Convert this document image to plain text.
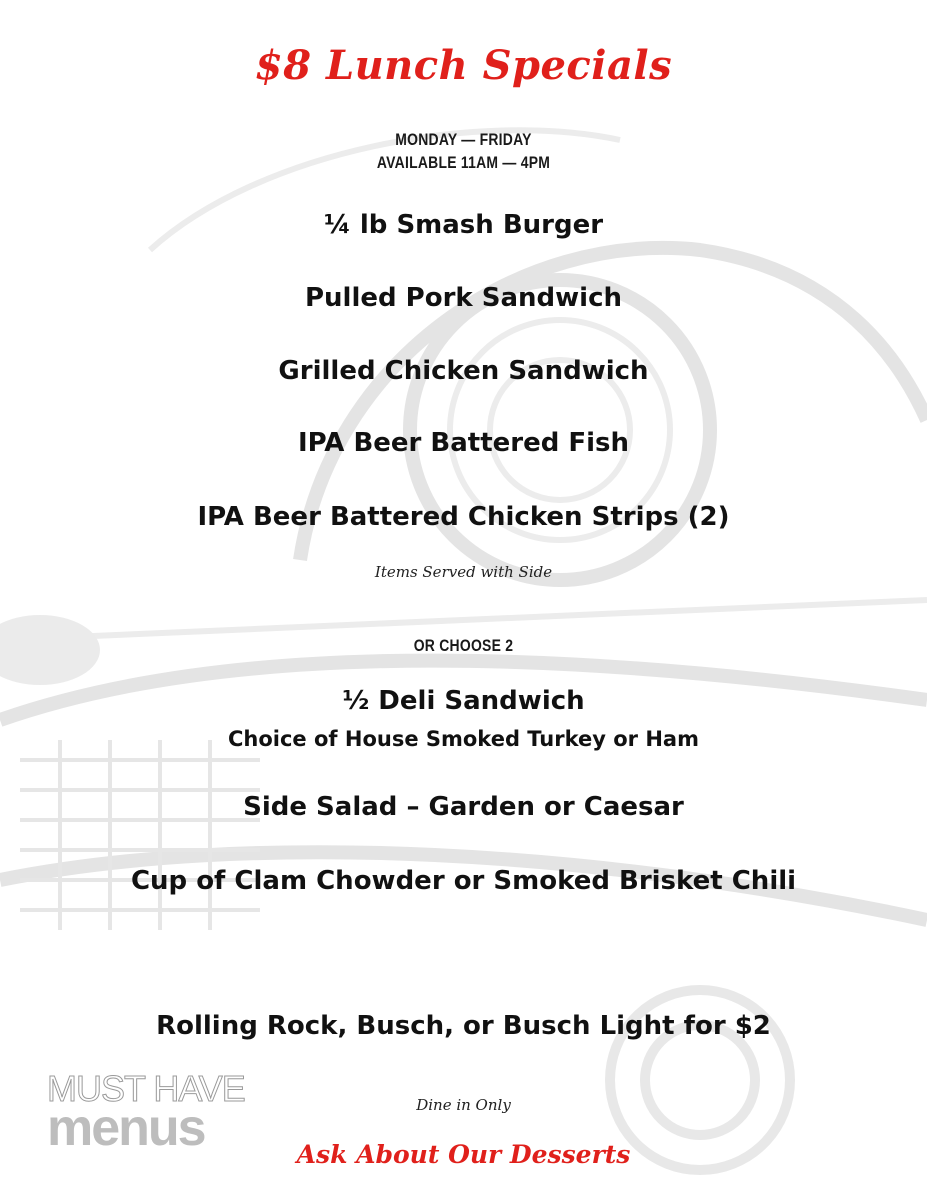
$8 Lunch Specials

MONDAY — FRIDAY

AVAILABLE 11AM — 4PM

¼ lb Smash Burger

Pulled Pork Sandwich

Grilled Chicken Sandwich

IPA Beer Battered Fish

IPA Beer Battered Chicken Strips (2)

Items Served with Side

OR CHOOSE 2

½ Deli Sandwich

Choice of House Smoked Turkey or Ham

Side Salad – Garden or Caesar

Cup of Clam Chowder or Smoked Brisket Chili

Rolling Rock, Busch, or Busch Light for $2

Dine in Only

Ask About Our Desserts

MUST HAVE
menus
